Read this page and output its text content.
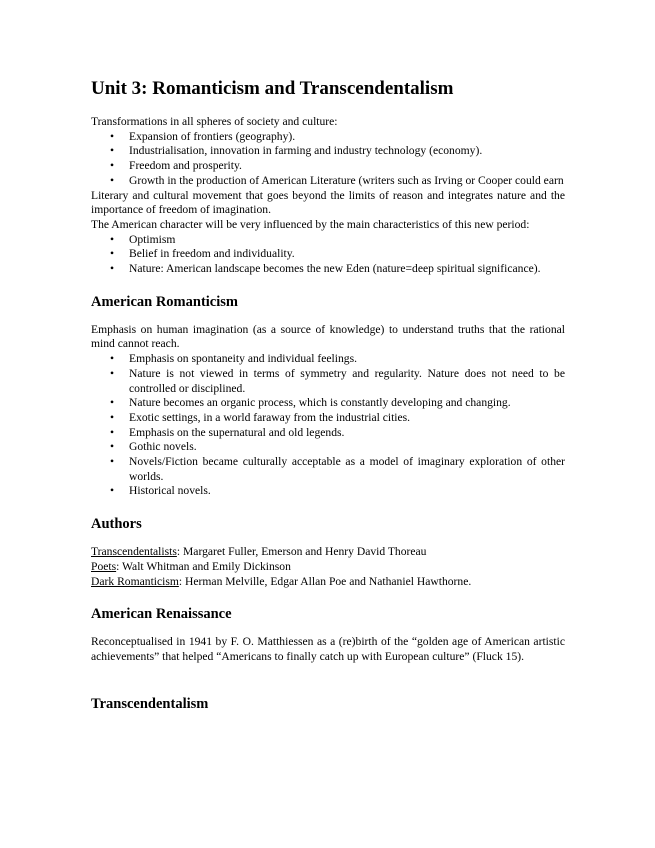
Unit 3: Romanticism and Transcendentalism

Transformations in all spheres of society and culture:

• Expansion of frontiers (geography).
• Industrialisation, innovation in farming and industry technology (economy).
• Freedom and prosperity.
• Growth in the production of American Literature (writers such as Irving or Cooper could earn

Literary and cultural movement that goes beyond the limits of reason and integrates nature and the importance of freedom of imagination.

The American character will be very influenced by the main characteristics of this new period:

• Optimism
• Belief in freedom and individuality.
• Nature: American landscape becomes the new Eden (nature=deep spiritual significance).
American Romanticism

Emphasis on human imagination (as a source of knowledge) to understand truths that the rational mind cannot reach.

• Emphasis on spontaneity and individual feelings.
• Nature is not viewed in terms of symmetry and regularity. Nature does not need to be controlled or disciplined.
• Nature becomes an organic process, which is constantly developing and changing.
• Exotic settings, in a world faraway from the industrial cities.
• Emphasis on the supernatural and old legends.
• Gothic novels.
• Novels/Fiction became culturally acceptable as a model of imaginary exploration of other worlds.
• Historical novels.
Authors

Transcendentalists: Margaret Fuller, Emerson and Henry David Thoreau

Poets: Walt Whitman and Emily Dickinson

Dark Romanticism: Herman Melville, Edgar Allan Poe and Nathaniel Hawthorne.

American Renaissance

Reconceptualised in 1941 by F. O. Matthiessen as a (re)birth of the “golden age of American artistic achievements” that helped “Americans to finally catch up with European culture” (Fluck 15).

Transcendentalism
